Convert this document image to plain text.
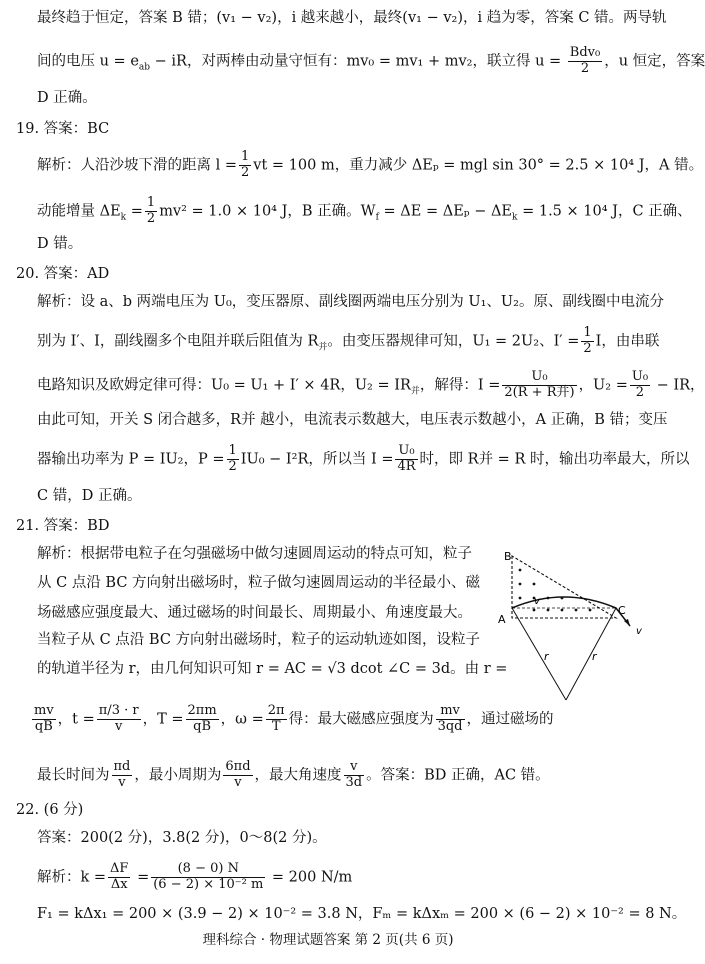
最终趋于恒定，答案 B 错；(v₁ − v₂)，i 越来越小，最终(v₁ − v₂)，i 趋为零，答案 C 错。两导轨
间的电压 $u = e_{ab}$ − iR，对两棒由动量守恒有：mv₀ = mv₁ + mv₂，联立得 $u = \frac{\text{Bdv₀}}{2}$ ，u 恒定，答案
D 正确。
19. 答案：BC
解析：人沿沙坡下滑的距离 $l = \frac{1}{2}$ vt = 100 m，重力减少 ΔEₚ = mgl sin 30° = 2.5 × 10⁴ J，A 错。
动能增量 $\Delta E_k = \frac{1}{2} mv^2 = 1.0 \times 10^4$ J，B 正确。$W_f = \Delta E = \Delta E_p - \Delta E_k = 1.5 \times 10^4$ J，C 正确、
D 错。
20. 答案：AD
解析：设 a、b 两端电压为 U₀，变压器原、副线圈两端电压分别为 U₁、U₂。原、副线圈中电流分
别为 I′、I，副线圈多个电阻并联后阻值为 $R_并$。由变压器规律可知，U₁ = 2U₂、$I' = \frac{1}{2}$ I，由串联
电路知识及欧姆定律可得：U₀ = U₁ + I′ × 4R，$U_2 = IR_并$，解得：$I = \frac{\text{U₀}}{\text{2(R + R并)}}$ ，$U_2 = \frac{\text{U₀}}{2}$ − IR，
由此可知，开关 S 闭合越多，R并 越小，电流表示数越大，电压表示数越小，A 正确，B 错；变压
器输出功率为 P = IU₂，$P = \frac{1}{2} IU_0 - I^2R$，所以当 $I = \frac{\text{U₀}}{4R}$ 时，即 R并 = R 时，输出功率最大，所以
C 错，D 正确。
21. 答案：BD
解析：根据带电粒子在匀强磁场中做匀速圆周运动的特点可知，粒子
从 C 点沿 BC 方向射出磁场时，粒子做匀速圆周运动的半径最小、磁
场磁感应强度最大、通过磁场的时间最长、周期最小、角速度最大。
当粒子从 C 点沿 BC 方向射出磁场时，粒子的运动轨迹如图，设粒子
的轨道半径为 r，由几何知识可知 r = AC = √3 dcot ∠C = 3d。由 r =
$\frac{mv}{qB}$ ，$t = \frac{\pi/3 \cdot r}{v}$ ，$T = \frac{2\pi m}{qB}$ ，$\omega = \frac{2\pi}{T}$ 得：最大磁感应强度为 $\frac{mv}{3qd}$ ，通过磁场的
最长时间为 $\frac{\pi d}{v}$ ，最小周期为 $\frac{6\pi d}{v}$ ，最大角速度 $\frac{v}{3d}$ 。答案：BD 正确，AC 错。
B
A
C
v
r	r
v
22. (6 分)
答案：200(2 分)，3.8(2 分)，0～8(2 分)。
解析：$k = \frac{\Delta F}{\Delta x} = \frac{(8 - 0) N}{\text{(6 − 2) × 10⁻² m}} = 200$ N/m
F₁ = kΔx₁ = 200 × (3.9 − 2) × 10⁻² = 3.8 N，Fₘ = kΔxₘ = 200 × (6 − 2) × 10⁻² = 8 N。
理科综合 · 物理试题答案 第 2 页(共 6 页)
